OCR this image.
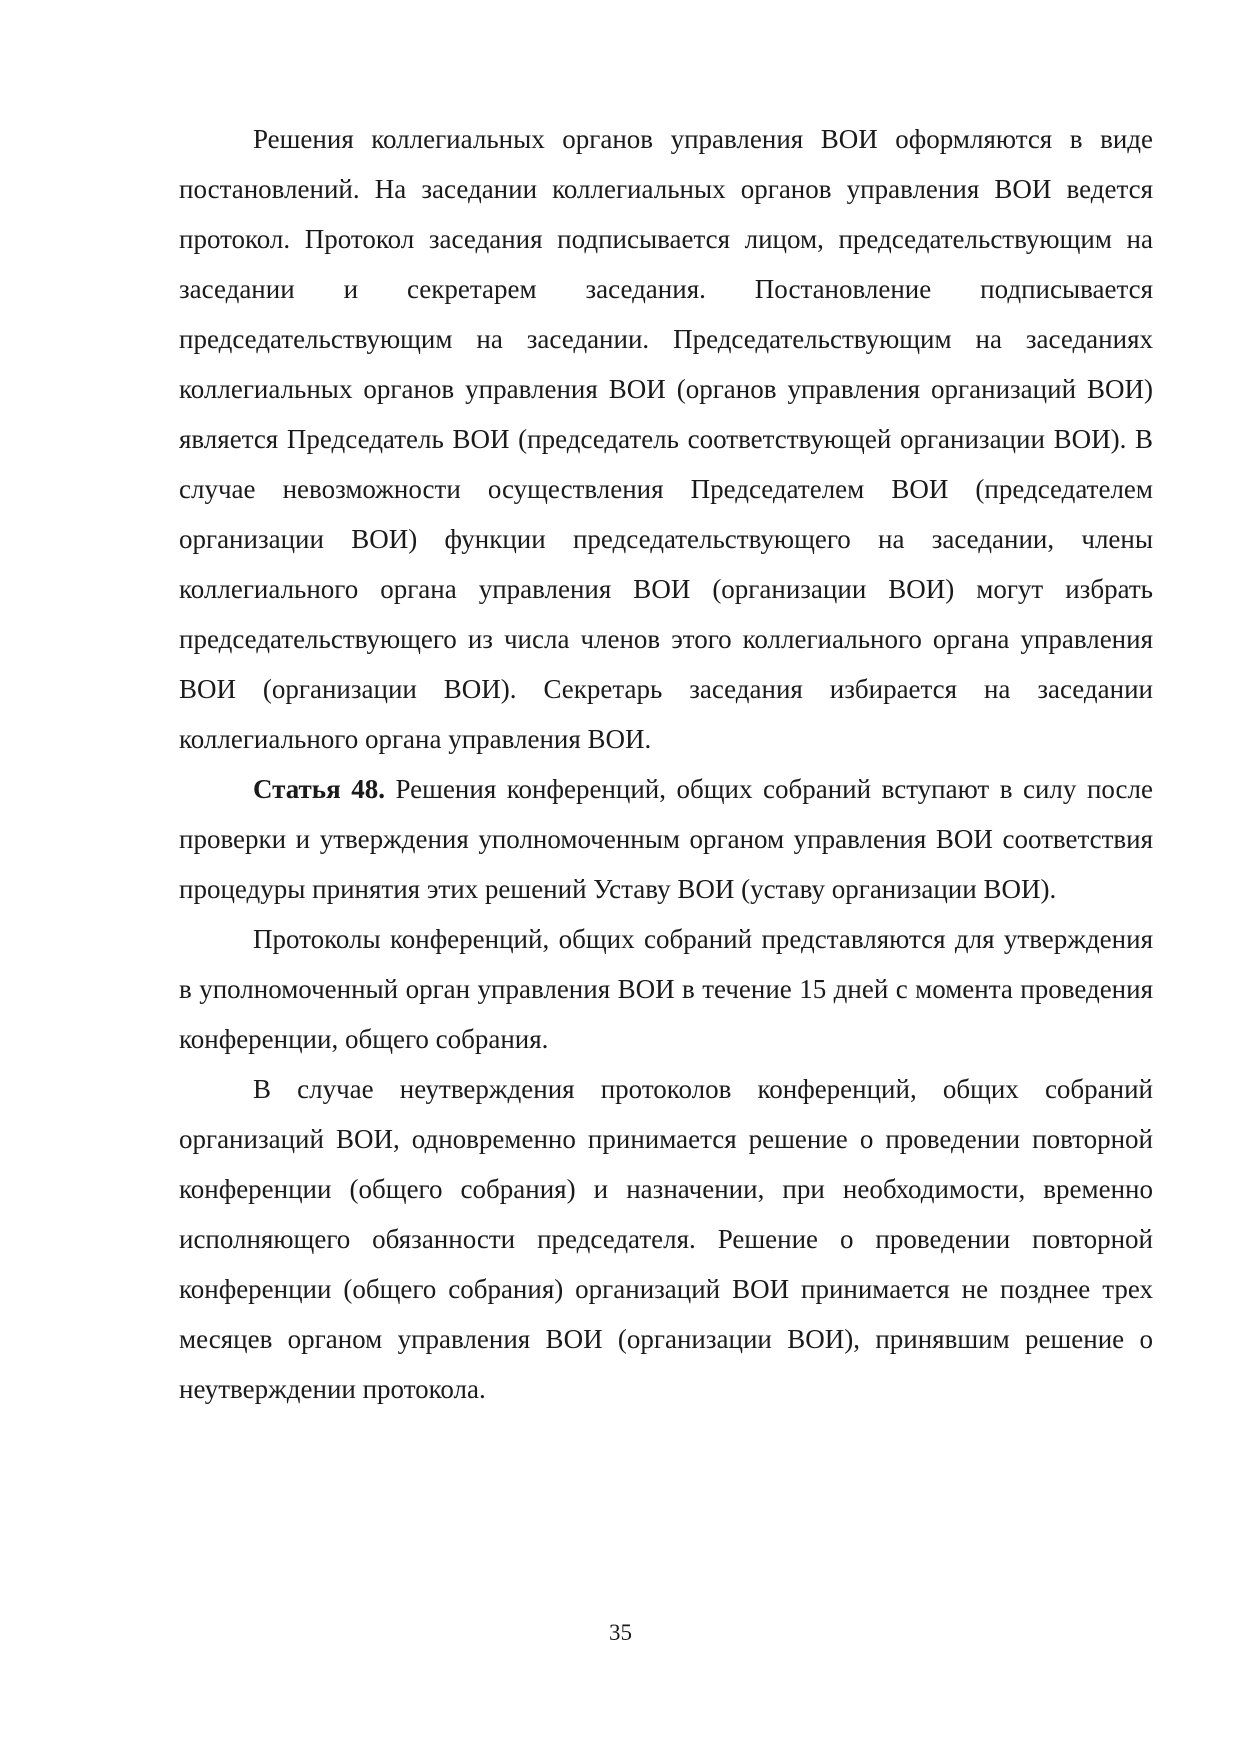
Решения коллегиальных органов управления ВОИ оформляются в виде постановлений. На заседании коллегиальных органов управления ВОИ ведется протокол. Протокол заседания подписывается лицом, председательствующим на заседании и секретарем заседания. Постановление подписывается председательствующим на заседании. Председательствующим на заседаниях коллегиальных органов управления ВОИ (органов управления организаций ВОИ) является Председатель ВОИ (председатель соответствующей организации ВОИ). В случае невозможности осуществления Председателем ВОИ (председателем организации ВОИ) функции председательствующего на заседании, члены коллегиального органа управления ВОИ (организации ВОИ) могут избрать председательствующего из числа членов этого коллегиального органа управления ВОИ (организации ВОИ). Секретарь заседания избирается на заседании коллегиального органа управления ВОИ.

Статья 48. Решения конференций, общих собраний вступают в силу после проверки и утверждения уполномоченным органом управления ВОИ соответствия процедуры принятия этих решений Уставу ВОИ (уставу организации ВОИ).

Протоколы конференций, общих собраний представляются для утверждения в уполномоченный орган управления ВОИ в течение 15 дней с момента проведения конференции, общего собрания.

В случае неутверждения протоколов конференций, общих собраний организаций ВОИ, одновременно принимается решение о проведении повторной конференции (общего собрания) и назначении, при необходимости, временно исполняющего обязанности председателя. Решение о проведении повторной конференции (общего собрания) организаций ВОИ принимается не позднее трех месяцев органом управления ВОИ (организации ВОИ), принявшим решение о неутверждении протокола.

35
